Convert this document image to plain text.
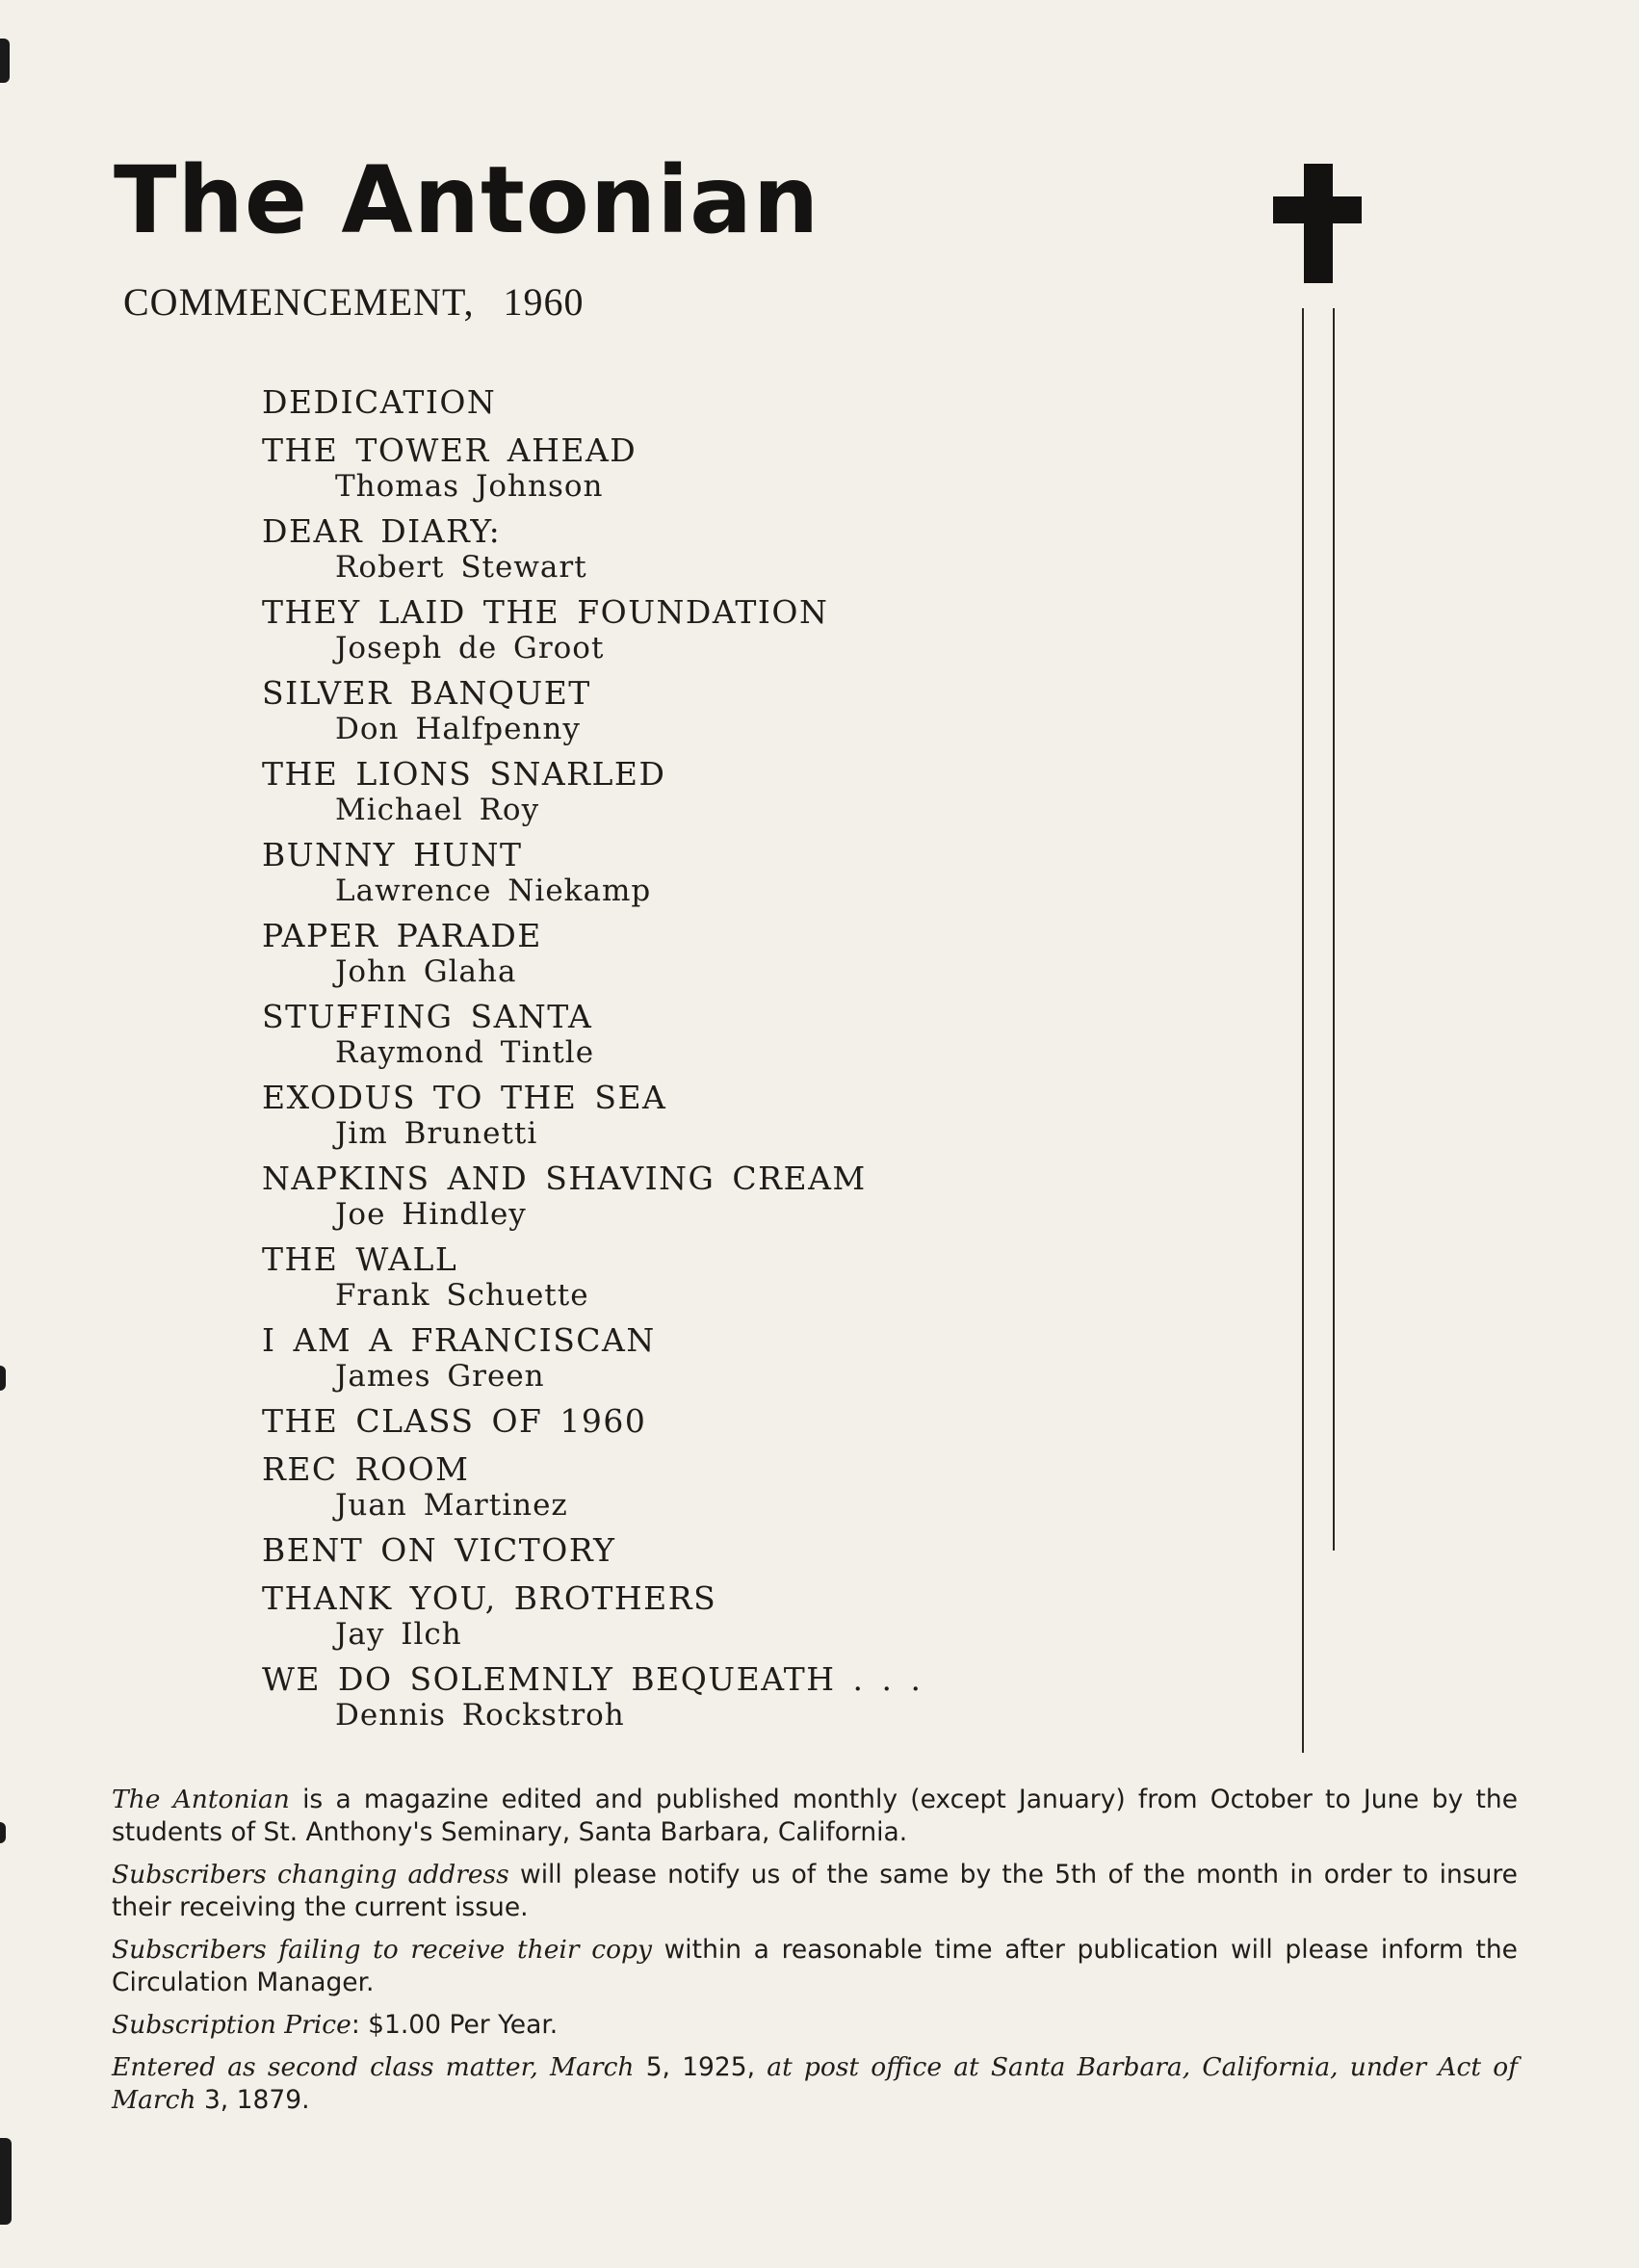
The Antonian
COMMENCEMENT, 1960
DEDICATION
THE TOWER AHEAD
Thomas Johnson
DEAR DIARY:
Robert Stewart
THEY LAID THE FOUNDATION
Joseph de Groot
SILVER BANQUET
Don Halfpenny
THE LIONS SNARLED
Michael Roy
BUNNY HUNT
Lawrence Niekamp
PAPER PARADE
John Glaha
STUFFING SANTA
Raymond Tintle
EXODUS TO THE SEA
Jim Brunetti
NAPKINS AND SHAVING CREAM
Joe Hindley
THE WALL
Frank Schuette
I AM A FRANCISCAN
James Green
THE CLASS OF 1960
REC ROOM
Juan Martinez
BENT ON VICTORY
THANK YOU, BROTHERS
Jay Ilch
WE DO SOLEMNLY BEQUEATH . . .
Dennis Rockstroh

The Antonian is a magazine edited and published monthly (except January) from October to June by the students of St. Anthony's Seminary, Santa Barbara, California.

Subscribers changing address will please notify us of the same by the 5th of the month in order to insure their receiving the current issue.

Subscribers failing to receive their copy within a reasonable time after publication will please inform the Circulation Manager.

Subscription Price: $1.00 Per Year.

Entered as second class matter, March 5, 1925, at post office at Santa Barbara, California, under Act of March 3, 1879.
